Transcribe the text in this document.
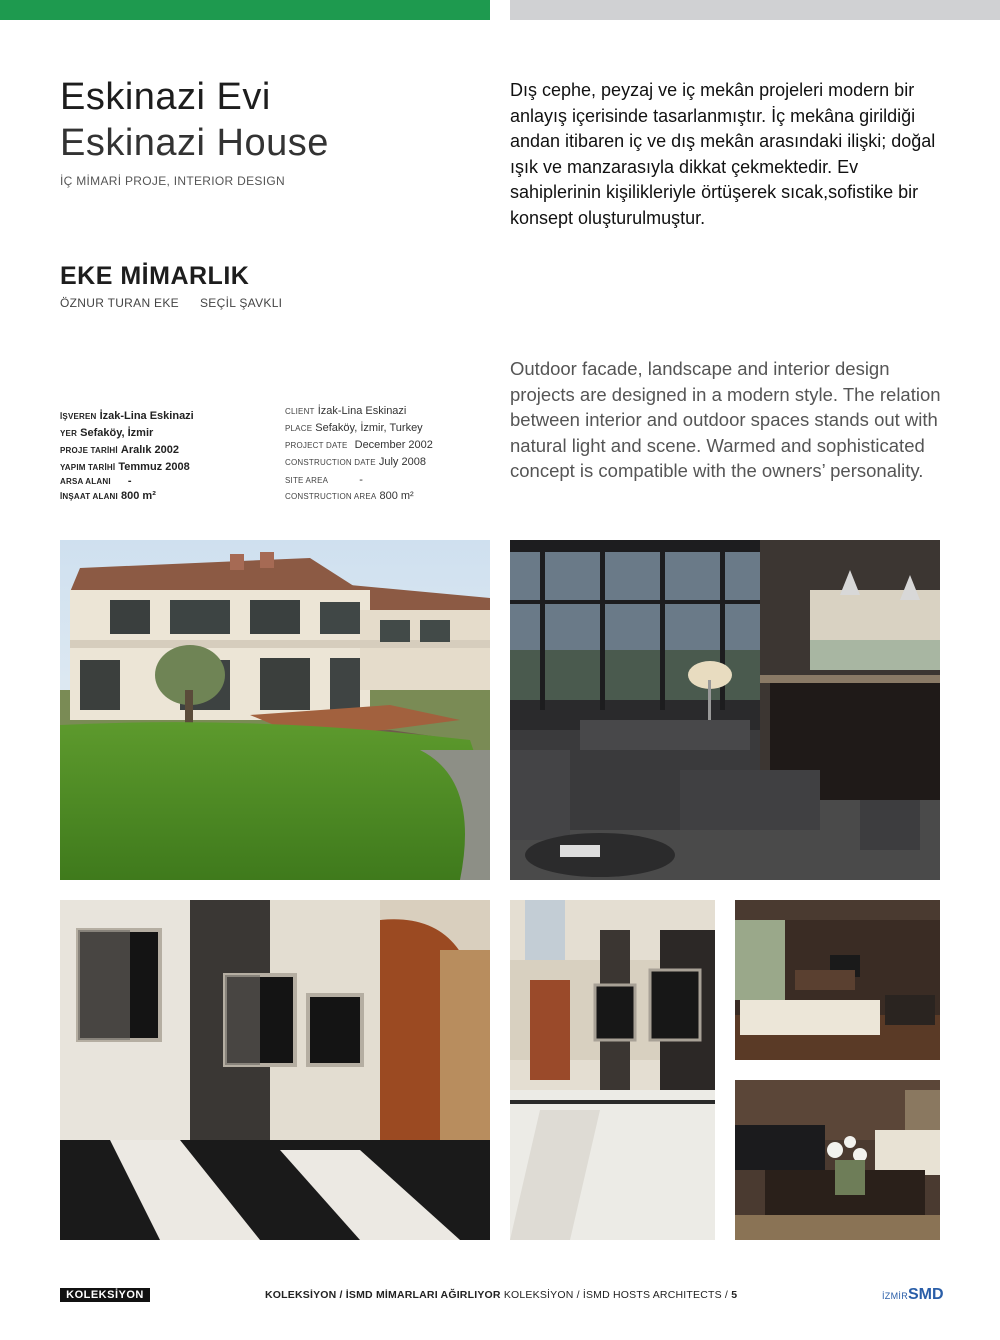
Eskinazi Evi
Eskinazi House
İÇ MİMARİ PROJE, INTERIOR DESIGN
EKE MİMARLIK
ÖZNUR TURAN EKE SEÇİL ŞAVKLI
Dış cephe, peyzaj ve iç mekân projeleri modern bir anlayış içerisinde tasarlanmıştır. İç mekâna girildiği andan itibaren iç ve dış mekân arasındaki ilişki; doğal ışık ve manzarasıyla dikkat çekmektedir. Ev sahiplerinin kişilikleriyle örtüşerek sıcak,sofistike bir konsept oluşturulmuştur.
Outdoor facade, landscape and interior design projects are designed in a modern style. The relation between interior and outdoor spaces stands out with natural light and scene. Warmed and sophisticated concept is compatible with the owners’ personality.
İŞVEREN İzak-Lina Eskinazi
YER Sefaköy, İzmir
PROJE TARİHİ Aralık 2002
YAPIM TARİHİ Temmuz 2008
ARSA ALANI -
İNŞAAT ALANI 800 m²
CLIENT İzak-Lina Eskinazi
PLACE Sefaköy, İzmir, Turkey
PROJECT DATE December 2002
CONSTRUCTION DATE July 2008
SITE AREA	-
CONSTRUCTION AREA 800 m²
KOLEKSİYON	KOLEKSİYON / İSMD MİMARLARI AĞIRLIYOR KOLEKSİYON / İSMD HOSTS ARCHITECTS / 5	İZMİRSMD
